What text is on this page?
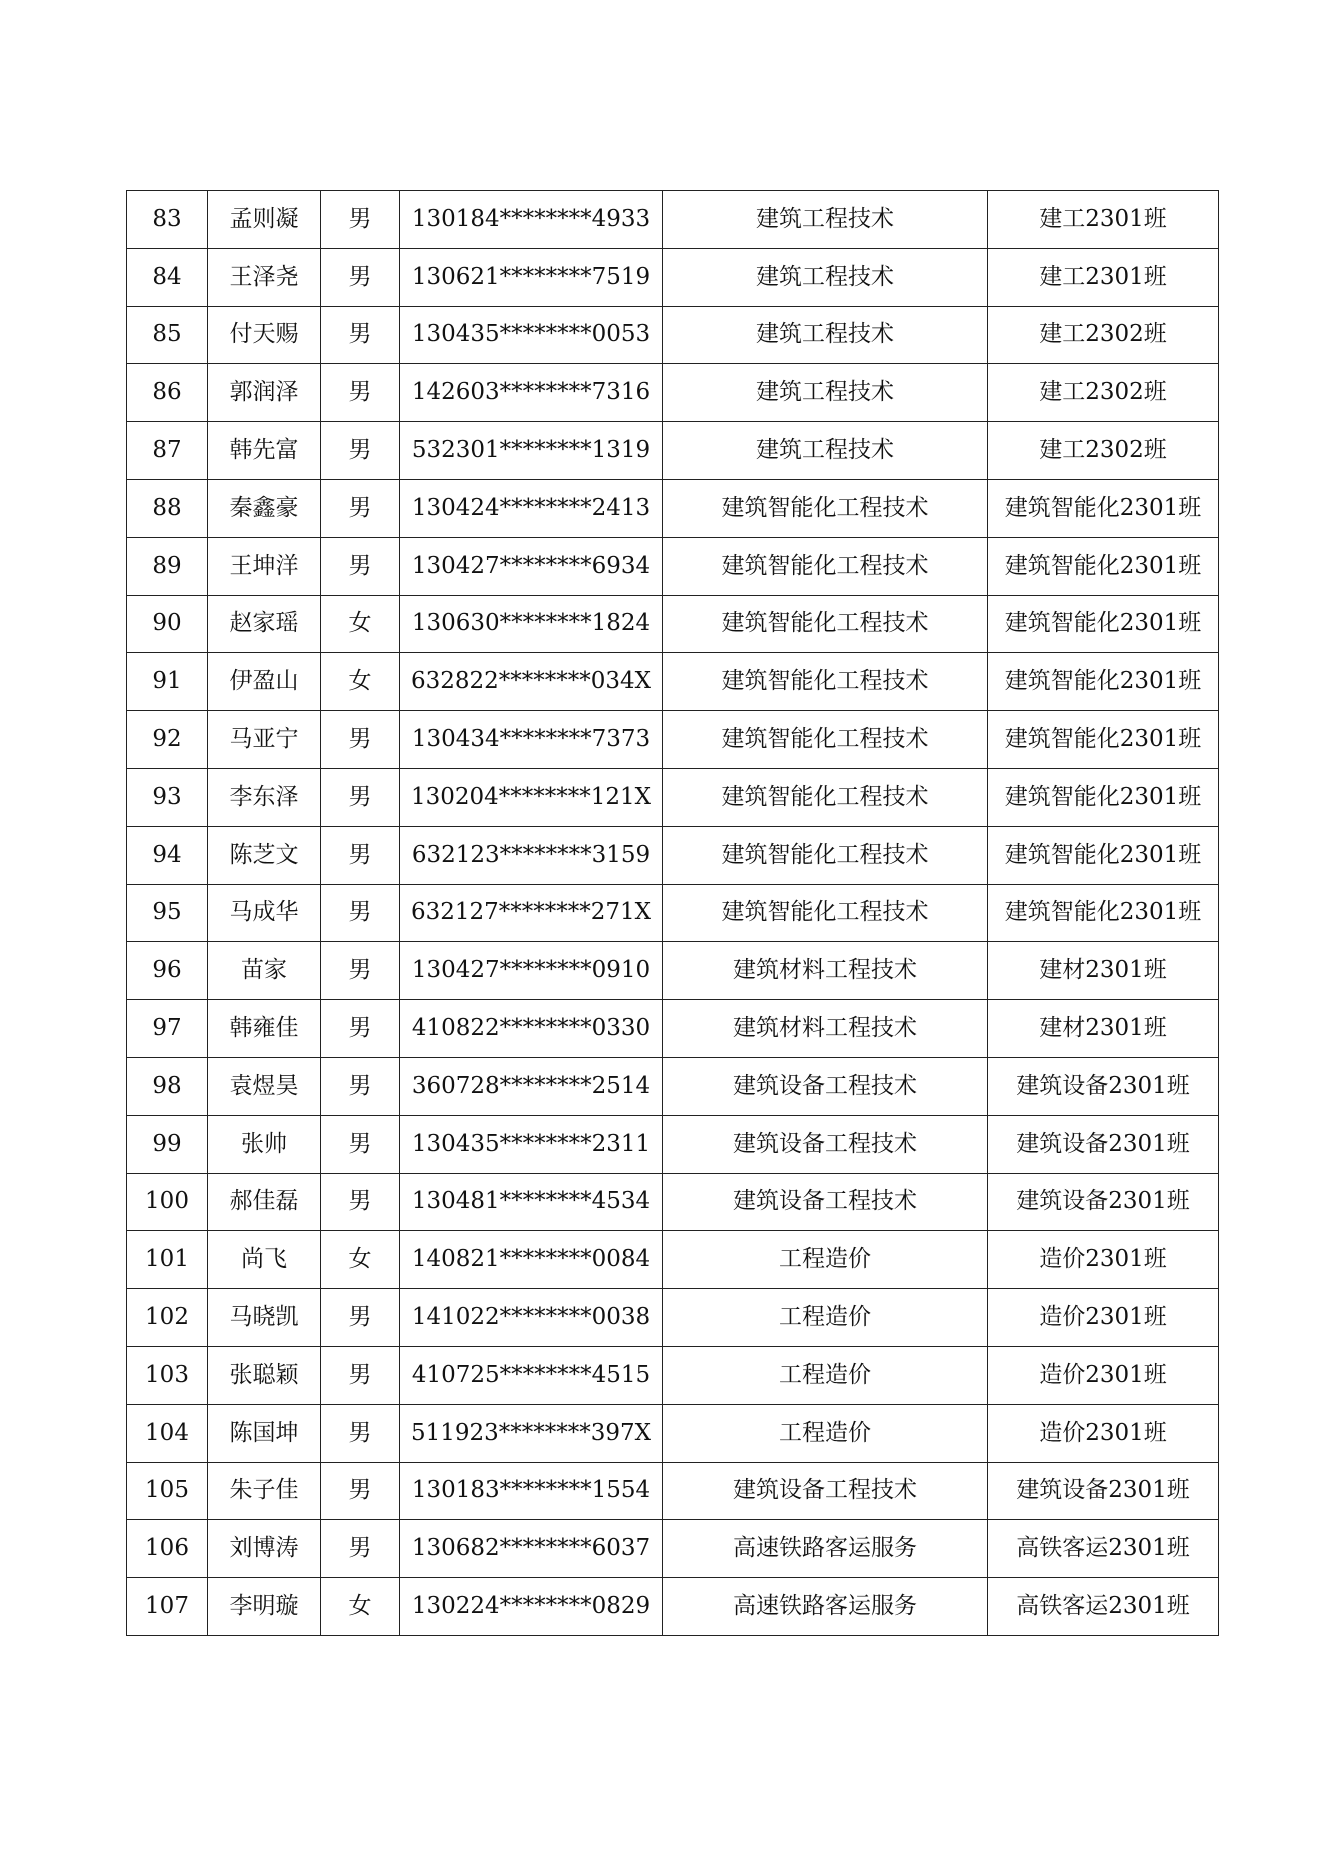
83	孟则凝	男	130184********4933	建筑工程技术	建工2301班
84	王泽尧	男	130621********7519	建筑工程技术	建工2301班
85	付天赐	男	130435********0053	建筑工程技术	建工2302班
86	郭润泽	男	142603********7316	建筑工程技术	建工2302班
87	韩先富	男	532301********1319	建筑工程技术	建工2302班
88	秦鑫豪	男	130424********2413	建筑智能化工程技术	建筑智能化2301班
89	王坤洋	男	130427********6934	建筑智能化工程技术	建筑智能化2301班
90	赵家瑶	女	130630********1824	建筑智能化工程技术	建筑智能化2301班
91	伊盈山	女	632822********034X	建筑智能化工程技术	建筑智能化2301班
92	马亚宁	男	130434********7373	建筑智能化工程技术	建筑智能化2301班
93	李东泽	男	130204********121X	建筑智能化工程技术	建筑智能化2301班
94	陈芝文	男	632123********3159	建筑智能化工程技术	建筑智能化2301班
95	马成华	男	632127********271X	建筑智能化工程技术	建筑智能化2301班
96	苗家	男	130427********0910	建筑材料工程技术	建材2301班
97	韩雍佳	男	410822********0330	建筑材料工程技术	建材2301班
98	袁煜昊	男	360728********2514	建筑设备工程技术	建筑设备2301班
99	张帅	男	130435********2311	建筑设备工程技术	建筑设备2301班
100	郝佳磊	男	130481********4534	建筑设备工程技术	建筑设备2301班
101	尚飞	女	140821********0084	工程造价	造价2301班
102	马晓凯	男	141022********0038	工程造价	造价2301班
103	张聪颖	男	410725********4515	工程造价	造价2301班
104	陈国坤	男	511923********397X	工程造价	造价2301班
105	朱子佳	男	130183********1554	建筑设备工程技术	建筑设备2301班
106	刘博涛	男	130682********6037	高速铁路客运服务	高铁客运2301班
107	李明璇	女	130224********0829	高速铁路客运服务	高铁客运2301班
